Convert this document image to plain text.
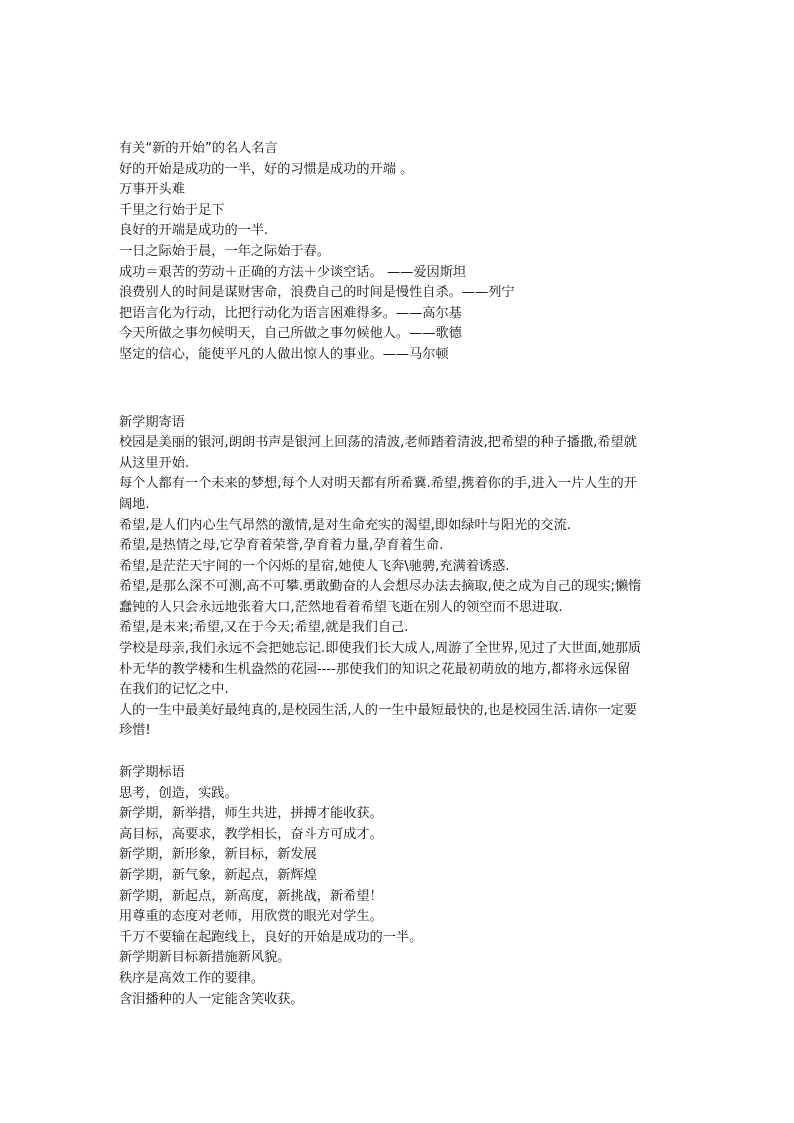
有关“新的开始”的名人名言

好的开始是成功的一半，好的习惯是成功的开端 。

万事开头难

千里之行始于足下

良好的开端是成功的一半.

一日之际始于晨，一年之际始于春。

成功＝艰苦的劳动＋正确的方法＋少谈空话。 ——爱因斯坦

浪费别人的时间是谋财害命，浪费自己的时间是慢性自杀。——列宁

把语言化为行动，比把行动化为语言困难得多。——高尔基

今天所做之事勿候明天，自己所做之事勿候他人。——歌德

坚定的信心，能使平凡的人做出惊人的事业。——马尔顿

新学期寄语

校园是美丽的银河,朗朗书声是银河上回荡的清波,老师踏着清波,把希望的种子播撒,希望就

从这里开始.

每个人都有一个未来的梦想,每个人对明天都有所希冀.希望,携着你的手,进入一片人生的开

阔地.

希望,是人们内心生气昂然的激情,是对生命充实的渴望,即如绿叶与阳光的交流.

希望,是热情之母,它孕育着荣誉,孕育着力量,孕育着生命.

希望,是茫茫天宇间的一个闪烁的星宿,她使人飞奔\驰骋,充满着诱惑.

希望,是那么深不可测,高不可攀.勇敢勤奋的人会想尽办法去摘取,使之成为自己的现实;懒惰

蠢钝的人只会永远地张着大口,茫然地看着希望飞逝在别人的领空而不思进取.

希望,是未来;希望,又在于今天;希望,就是我们自己.

学校是母亲,我们永远不会把她忘记.即使我们长大成人,周游了全世界,见过了大世面,她那质

朴无华的教学楼和生机盎然的花园----那使我们的知识之花最初萌放的地方,都将永远保留

在我们的记忆之中.

人的一生中最美好最纯真的,是校园生活,人的一生中最短最快的,也是校园生活.请你一定要

珍惜!

新学期标语

思考，创造，实践。

新学期，新举措，师生共进，拼搏才能收获。

高目标，高要求，教学相长，奋斗方可成才。

新学期，新形象，新目标，新发展

新学期，新气象，新起点，新辉煌

新学期，新起点，新高度，新挑战，新希望！

用尊重的态度对老师，用欣赏的眼光对学生。

千万不要输在起跑线上，良好的开始是成功的一半。

新学期新目标新措施新风貌。

秩序是高效工作的要律。

含泪播种的人一定能含笑收获。
